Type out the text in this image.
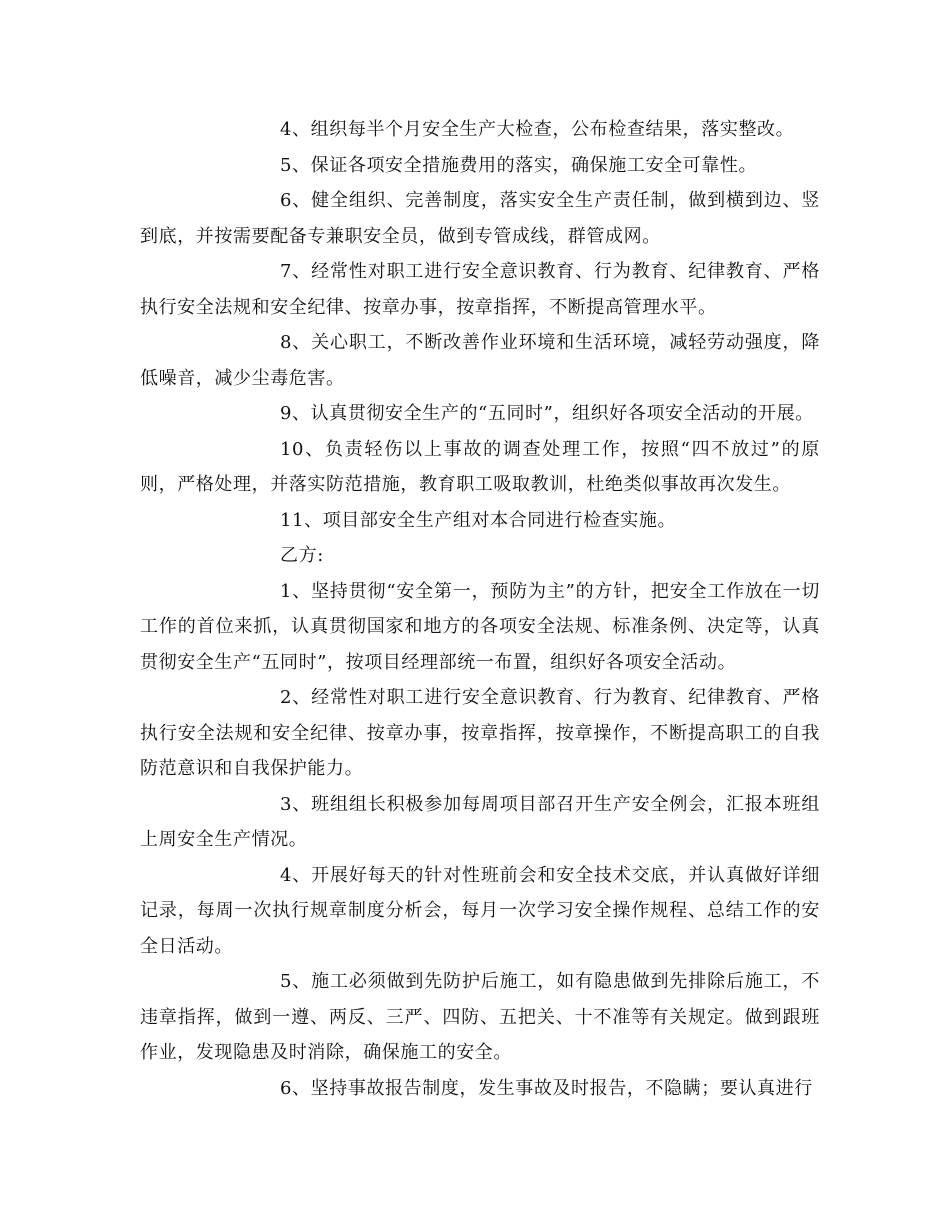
4、组织每半个月安全生产大检查，公布检查结果，落实整改。

5、保证各项安全措施费用的落实，确保施工安全可靠性。

6、健全组织、完善制度，落实安全生产责任制，做到横到边、竖到底，并按需要配备专兼职安全员，做到专管成线，群管成网。

7、经常性对职工进行安全意识教育、行为教育、纪律教育、严格执行安全法规和安全纪律、按章办事，按章指挥，不断提高管理水平。

8、关心职工，不断改善作业环境和生活环境，减轻劳动强度，降低噪音，减少尘毒危害。

9、认真贯彻安全生产的“五同时”，组织好各项安全活动的开展。

10、负责轻伤以上事故的调查处理工作，按照“四不放过”的原则，严格处理，并落实防范措施，教育职工吸取教训，杜绝类似事故再次发生。

11、项目部安全生产组对本合同进行检查实施。

乙方:

1、坚持贯彻“安全第一，预防为主”的方针，把安全工作放在一切工作的首位来抓，认真贯彻国家和地方的各项安全法规、标准条例、决定等，认真贯彻安全生产“五同时”，按项目经理部统一布置，组织好各项安全活动。

2、经常性对职工进行安全意识教育、行为教育、纪律教育、严格执行安全法规和安全纪律、按章办事，按章指挥，按章操作，不断提高职工的自我防范意识和自我保护能力。

3、班组组长积极参加每周项目部召开生产安全例会，汇报本班组上周安全生产情况。

4、开展好每天的针对性班前会和安全技术交底，并认真做好详细记录，每周一次执行规章制度分析会，每月一次学习安全操作规程、总结工作的安全日活动。

5、施工必须做到先防护后施工，如有隐患做到先排除后施工，不违章指挥，做到一遵、两反、三严、四防、五把关、十不准等有关规定。做到跟班作业，发现隐患及时消除，确保施工的安全。

6、坚持事故报告制度，发生事故及时报告，不隐瞒；要认真进行
